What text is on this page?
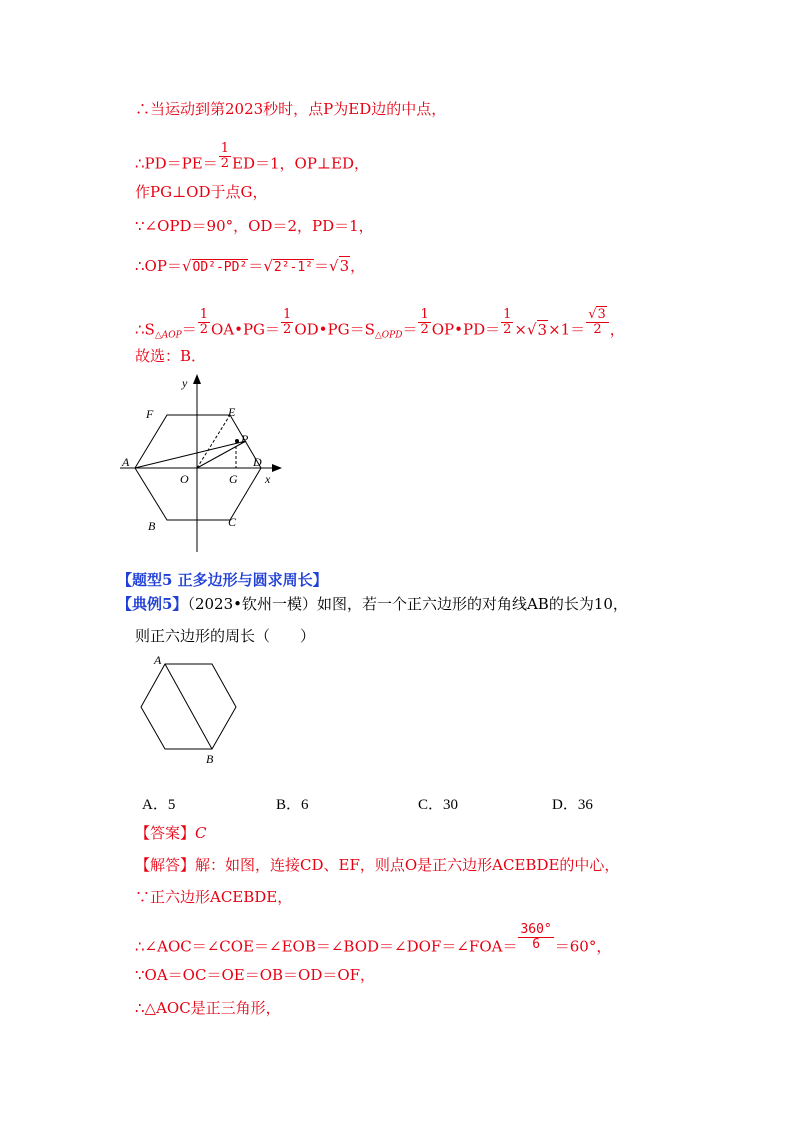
∴当运动到第2023秒时，点P为ED边的中点，
∴PD＝PE＝ $\frac{1}{2} ED=1$，OP⊥ED，
作PG⊥OD于点G，
∵∠OPD＝90°，OD＝2，PD＝1，
∴OP＝√OD²-PD²＝√2²-1²＝√3，
$\therefore S_{\triangle AOP}= \frac{1}{2}$ OA•PG＝ $\frac{1}{2}$ $OD•PG=S_{\triangle OPD}= \frac{1}{2}$ OP•PD＝ $\frac{1}{2} \times√3\times 1= \frac{√3}{2}$ ，
故选：B．
y
F	E
P
A	D
O	G x
B	C
【题型5 正多边形与圆求周长】
【典例5】（2023•钦州一模）如图，若一个正六边形的对角线AB的长为10，
则正六边形的周长（　　）
A
B
A．5	B．6	C．30	D．36
【答案】C
【解答】解：如图，连接CD、EF，则点O是正六边形ACEBDE的中心，
∵正六边形ACEBDE，
∴∠AOC＝∠COE＝∠EOB＝∠BOD＝∠DOF＝∠FOA＝ $\frac{360^\circ}{6} =60^\circ$，
∵OA＝OC＝OE＝OB＝OD＝OF，
∴△AOC是正三角形，
